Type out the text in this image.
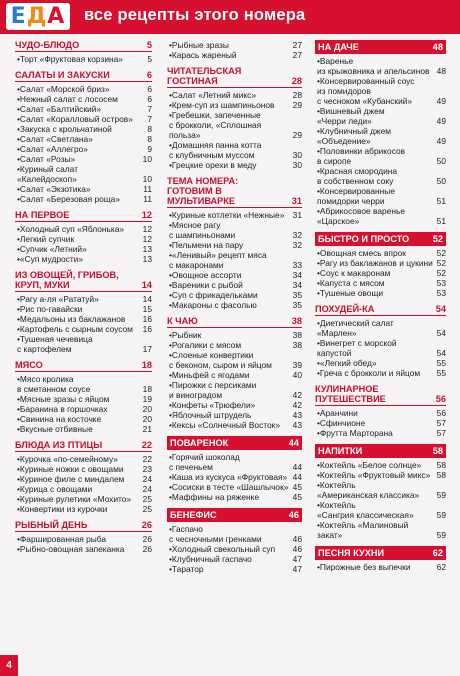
ЕДА все рецепты этого номера
ЧУДО-БЛЮДО	5
•Торт «Фруктовая корзина»	5
САЛАТЫ И ЗАКУСКИ	6
•Салат «Морской бриз»	6
•Нежный салат с лососем	6
•Салат «Балтийский»	7
•Салат «Коралловый остров»	7
•Закуска с крольчатиной	8
•Салат «Светлана»	8
•Салат «Аллегро»	9
•Салат «Розы»	10
•Куриный салат
«Калейдоскоп»	10
•Салат «Экзотика»	11
•Салат «Березовая роща»	11
НА ПЕРВОЕ	12
•Холодный суп «Яблонька»	12
•Легкий супчик	12
•Супчик «Летний»	13
•«Суп мудрости»	13
ИЗ ОВОЩЕЙ, ГРИБОВ,
КРУП, МУКИ	14
•Рагу а-ля «Рататуй»	14
•Рис по-гавайски	15
•Медальоны из баклажанов	16
•Картофель с сырным соусом	16
•Тушеная чечевица
с картофелем	17
МЯСО	18
•Мясо кролика
в сметанном соусе	18
•Мясные зразы с яйцом	19
•Баранина в горшочках	20
•Свинина на косточке	20
•Вкусные отбивные	21
БЛЮДА ИЗ ПТИЦЫ	22
•Курочка «по-семейному»	22
•Куриные ножки с овощами	23
•Куриное филе с миндалем	24
•Курица с овощами	24
•Куриные рулетики «Мохито»	25
•Конвертики из курочки	25
РЫБНЫЙ ДЕНЬ	26
•Фаршированная рыба	26
•Рыбно-овощная запеканка	26
•Рыбные зразы	27
•Карась жареный	27
ЧИТАТЕЛЬСКАЯ ГОСТИНАЯ	28
•Салат «Летний микс»	28
•Крем-суп из шампиньонов	29
•Гребешки, запеченные
с брокколи, «Сплошная
польза»	29
•Домашняя панна котта
с клубничным муссом	30
•Грецкие орехи в меду	30
ТЕМА НОМЕРА:
ГОТОВИМ В МУЛЬТИВАРКЕ	31
•Куриные котлетки «Нежные» 31
•Мясное рагу
с шампиньонами	32
•Пельмени на пару	32
•«Ленивый» рецепт мяса
с макаронами	33
•Овощное ассорти	34
•Вареники с рыбой	34
•Суп с фрикадельками	35
•Макароны с фасолью	35
К ЧАЮ	38
•Рыбник	38
•Рогалики с мясом	38
•Слоеные конвертики
с беконом, сыром и яйцом	39
•Миньфей с ягодами	40
•Пирожки с персиками
и виноградом	42
•Конфеты «Трюфели»	42
•Яблочный штрудель	43
•Кексы «Солнечный Восток»	43
ПОВАРЕНОК	44
•Горячий шоколад
с печеньем	44
•Каша из кускуса «Фруктовая» 44
•Сосиски в тесте «Шашлычок» 45
•Маффины на ряженке	45
БЕНЕФИС	46
•Гаспачо
с чесночными гренками	46
•Холодный свекольный суп	46
•Клубничный гаспачо	47
•Таратор	47
НА ДАЧЕ	48
•Варенье
из крыжовника и апельсинов 48
•Консервированный соус
из помидоров
с чесноком «Кубанский»	49
•Вишневый джем
«Черри леди»	49
•Клубничный джем
«Объедение»	49
•Половинки абрикосов
в сиропе	50
•Красная смородина
в собственном соку	50
•Консервированные
помидорки черри	51
•Абрикосовое варенье
«Царское»	51
БЫСТРО И ПРОСТО	52
•Овощная смесь впрок	52
•Рагу из баклажанов и цукини 52
•Соус к макаронам	52
•Капуста с мясом	53
•Тушеные овощи	53
ПОХУДЕЙ-КА	54
•Диетический салат «Марлен»	54
•Винегрет с морской капустой	54
•«Легкий обед»	55
•Греча с брокколи и яйцом	55
КУЛИНАРНОЕ
ПУТЕШЕСТВИЕ	56
•Аранчини	56
•Сфинчионе	57
•Фрутта Марторана	57
НАПИТКИ	58
•Коктейль «Белое солнце»	58
•Коктейль «Фруктовый микс» 58
•Коктейль
«Американская классика»	59
•Коктейль
«Сангрия классическая»	59
•Коктейль «Малиновый закат»	59
ПЕСНЯ КУХНИ	62
•Пирожные без выпечки	62
4
